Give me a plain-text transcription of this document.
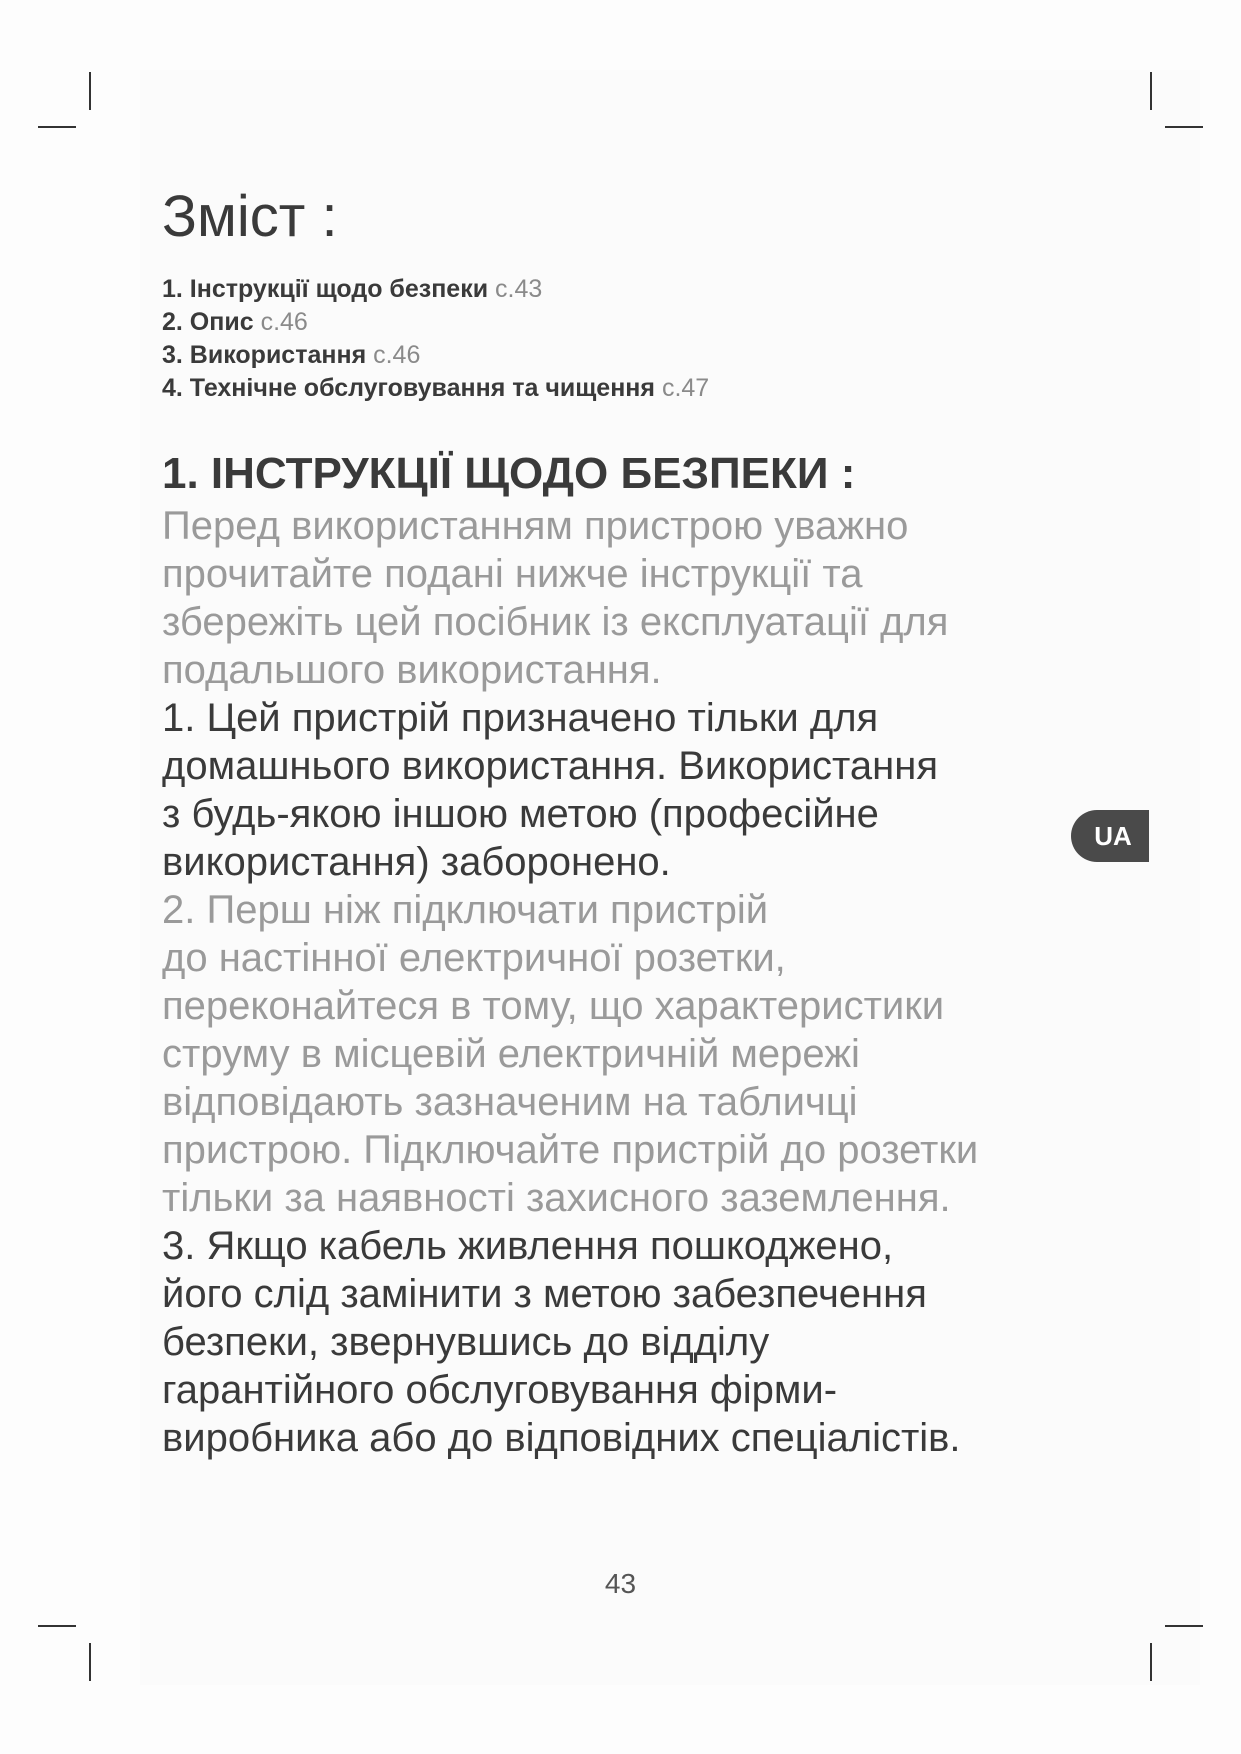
Зміст :
1. Інструкції щодо безпеки с.43
2. Опис с.46
3. Використання с.46
4. Технічне обслуговування та чищення с.47
1. ІНСТРУКЦІЇ ЩОДО БЕЗПЕКИ :

Перед використанням пристрою уважно

прочитайте подані нижче інструкції та

збережіть цей посібник із експлуатації для

подальшого використання.

1. Цей пристрій призначено тільки для

домашнього використання. Використання

з будь-якою іншою метою (професійне

використання) заборонено.

2. Перш ніж підключати пристрій

до настінної електричної розетки,

переконайтеся в тому, що характеристики

струму в місцевій електричній мережі

відповідають зазначеним на табличці

пристрою. Підключайте пристрій до розетки

тільки за наявності захисного заземлення.

3. Якщо кабель живлення пошкоджено,

його слід замінити з метою забезпечення

безпеки, звернувшись до відділу

гарантійного обслуговування фірми-

виробника або до відповідних спеціалістів.

UA
43
